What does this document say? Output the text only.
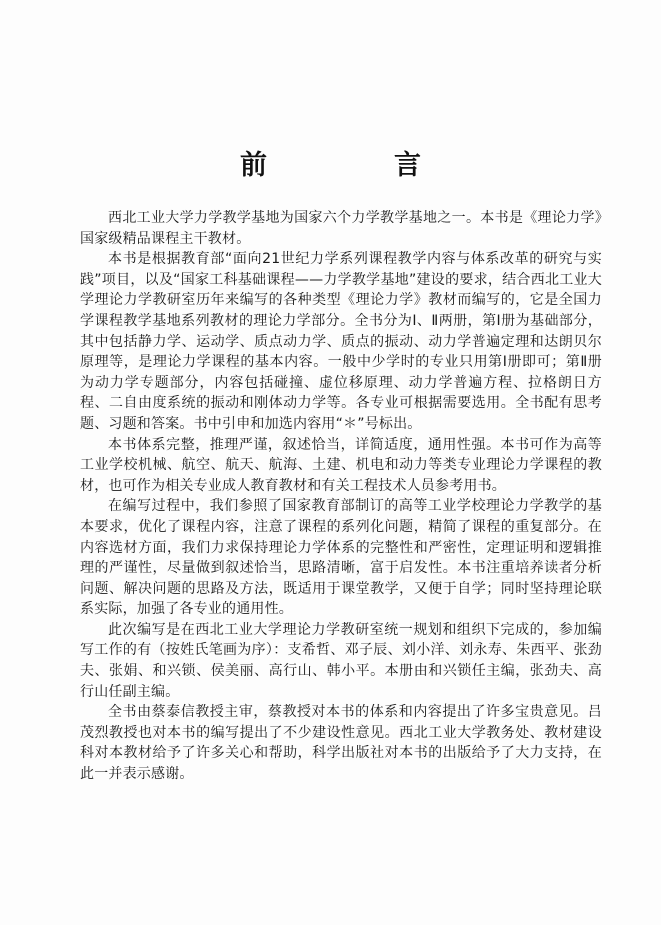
前　言

西北工业大学力学教学基地为国家六个力学教学基地之一。本书是《理论力学》国家级精品课程主干教材。

本书是根据教育部“面向21世纪力学系列课程教学内容与体系改革的研究与实践”项目，以及“国家工科基础课程——力学教学基地”建设的要求，结合西北工业大学理论力学教研室历年来编写的各种类型《理论力学》教材而编写的，它是全国力学课程教学基地系列教材的理论力学部分。全书分为Ⅰ、Ⅱ两册，第Ⅰ册为基础部分，其中包括静力学、运动学、质点动力学、质点的振动、动力学普遍定理和达朗贝尔原理等，是理论力学课程的基本内容。一般中少学时的专业只用第Ⅰ册即可；第Ⅱ册为动力学专题部分，内容包括碰撞、虚位移原理、动力学普遍方程、拉格朗日方程、二自由度系统的振动和刚体动力学等。各专业可根据需要选用。全书配有思考题、习题和答案。书中引申和加选内容用“＊”号标出。

本书体系完整，推理严谨，叙述恰当，详简适度，通用性强。本书可作为高等工业学校机械、航空、航天、航海、土建、机电和动力等类专业理论力学课程的教材，也可作为相关专业成人教育教材和有关工程技术人员参考用书。

在编写过程中，我们参照了国家教育部制订的高等工业学校理论力学教学的基本要求，优化了课程内容，注意了课程的系列化问题，精简了课程的重复部分。在内容选材方面，我们力求保持理论力学体系的完整性和严密性，定理证明和逻辑推理的严谨性，尽量做到叙述恰当，思路清晰，富于启发性。本书注重培养读者分析问题、解决问题的思路及方法，既适用于课堂教学，又便于自学；同时坚持理论联系实际，加强了各专业的通用性。

此次编写是在西北工业大学理论力学教研室统一规划和组织下完成的，参加编写工作的有（按姓氏笔画为序）：支希哲、邓子辰、刘小洋、刘永寿、朱西平、张劲夫、张娟、和兴锁、侯美丽、高行山、韩小平。本册由和兴锁任主编，张劲夫、高行山任副主编。

全书由蔡泰信教授主审，蔡教授对本书的体系和内容提出了许多宝贵意见。吕茂烈教授也对本书的编写提出了不少建设性意见。西北工业大学教务处、教材建设科对本教材给予了许多关心和帮助，科学出版社对本书的出版给予了大力支持，在此一并表示感谢。
